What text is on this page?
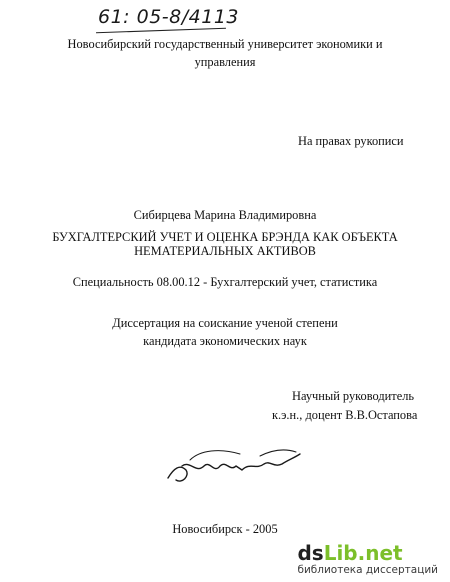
61: 05-8/4113
Новосибирский государственный университет экономики и
управления
На правах рукописи
Сибирцева Марина Владимировна
БУХГАЛТЕРСКИЙ УЧЕТ И ОЦЕНКА БРЭНДА КАК ОБЪЕКТА
НЕМАТЕРИАЛЬНЫХ АКТИВОВ
Специальность 08.00.12 - Бухгалтерский учет, статистика
Диссертация на соискание ученой степени
кандидата экономических наук
Научный руководитель
к.э.н., доцент В.В.Остапова
Новосибирск - 2005
dsLib.net
библиотека диссертаций
